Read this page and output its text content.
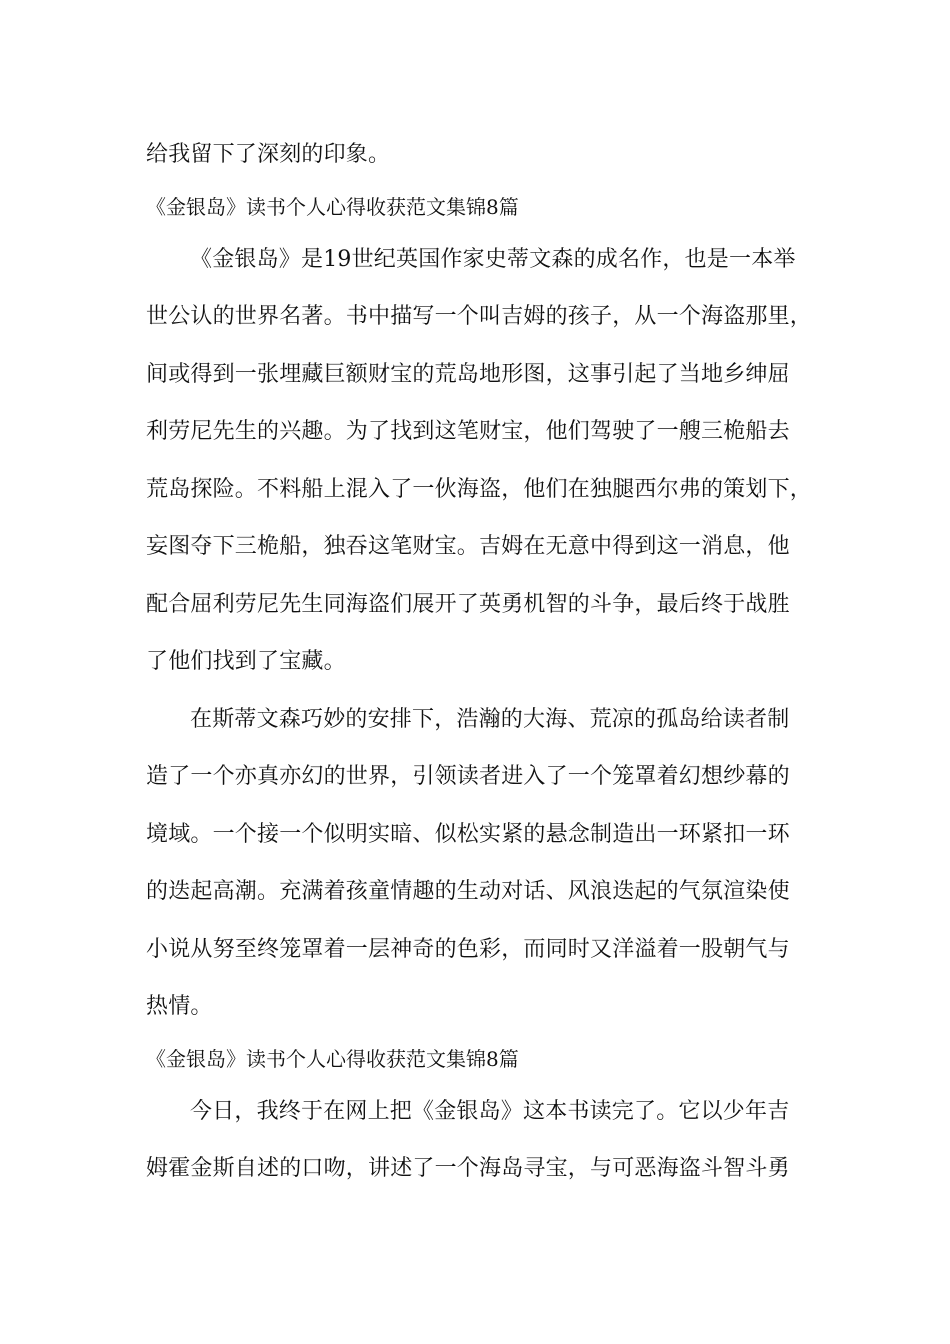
给我留下了深刻的印象。
《金银岛》读书个人心得收获范文集锦8篇
《金银岛》是19世纪英国作家史蒂文森的成名作，也是一本举
世公认的世界名著。书中描写一个叫吉姆的孩子，从一个海盗那里，
间或得到一张埋藏巨额财宝的荒岛地形图，这事引起了当地乡绅屈
利劳尼先生的兴趣。为了找到这笔财宝，他们驾驶了一艘三桅船去
荒岛探险。不料船上混入了一伙海盗，他们在独腿西尔弗的策划下，
妄图夺下三桅船，独吞这笔财宝。吉姆在无意中得到这一消息，他
配合屈利劳尼先生同海盗们展开了英勇机智的斗争，最后终于战胜
了他们找到了宝藏。
在斯蒂文森巧妙的安排下，浩瀚的大海、荒凉的孤岛给读者制
造了一个亦真亦幻的世界，引领读者进入了一个笼罩着幻想纱幕的
境域。一个接一个似明实暗、似松实紧的悬念制造出一环紧扣一环
的迭起高潮。充满着孩童情趣的生动对话、风浪迭起的气氛渲染使
小说从努至终笼罩着一层神奇的色彩，而同时又洋溢着一股朝气与
热情。
《金银岛》读书个人心得收获范文集锦8篇
今日，我终于在网上把《金银岛》这本书读完了。它以少年吉
姆霍金斯自述的口吻，讲述了一个海岛寻宝，与可恶海盗斗智斗勇
